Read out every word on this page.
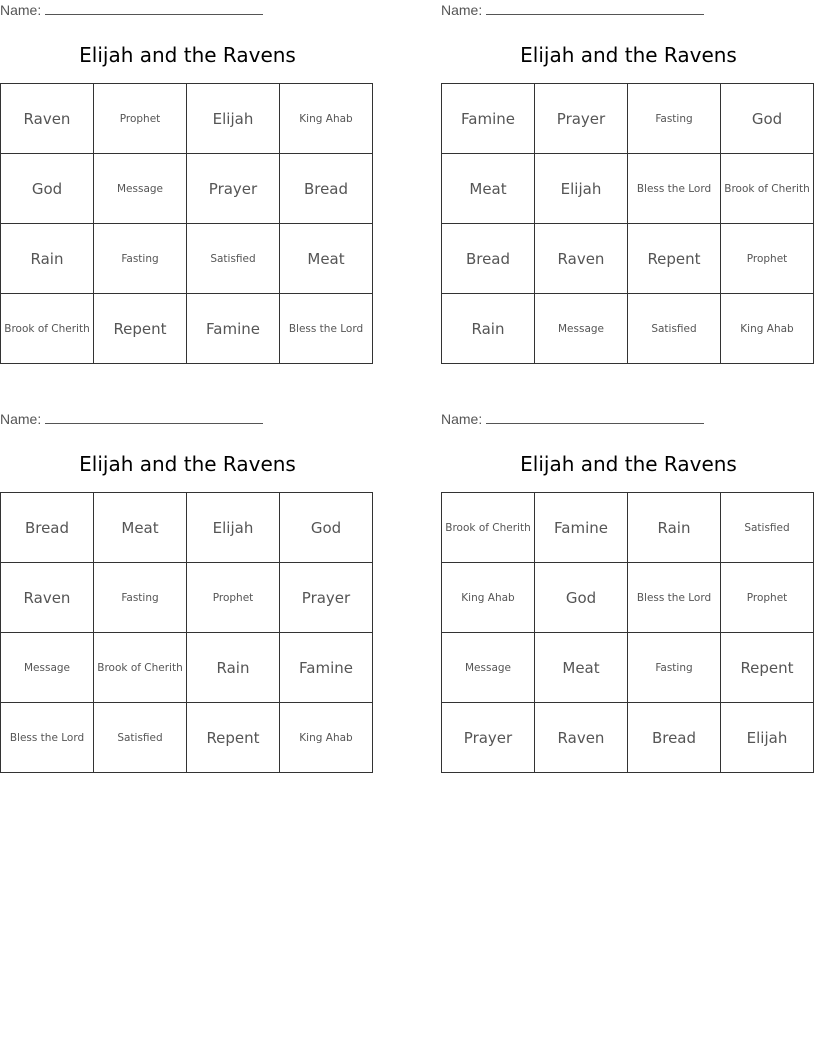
Name:
Elijah and the Ravens
Raven	Prophet	Elijah	King Ahab
God	Message	Prayer	Bread
Rain	Fasting	Satisfied	Meat
Brook of Cherith	Repent	Famine	Bless the Lord
Name:
Elijah and the Ravens
Famine	Prayer	Fasting	God
Meat	Elijah	Bless the Lord	Brook of Cherith
Bread	Raven	Repent	Prophet
Rain	Message	Satisfied	King Ahab
Name:
Elijah and the Ravens
Bread	Meat	Elijah	God
Raven	Fasting	Prophet	Prayer
Message	Brook of Cherith	Rain	Famine
Bless the Lord	Satisfied	Repent	King Ahab
Name:
Elijah and the Ravens
Brook of Cherith	Famine	Rain	Satisfied
King Ahab	God	Bless the Lord	Prophet
Message	Meat	Fasting	Repent
Prayer	Raven	Bread	Elijah
